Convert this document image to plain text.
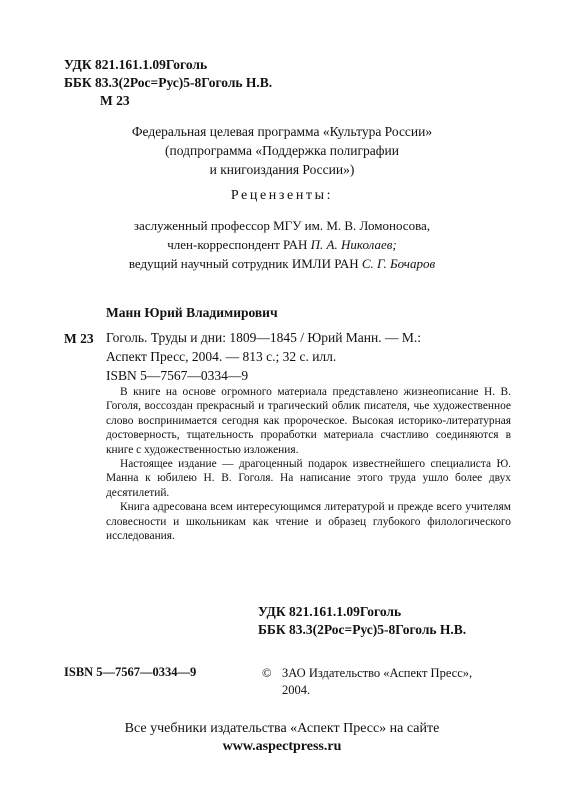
УДК 821.161.1.09Гоголь
ББК 83.3(2Рос=Рус)5-8Гоголь Н.В.
М 23
Федеральная целевая программа «Культура России»
(подпрограмма «Поддержка полиграфии
и книгоиздания России»)
Рецензенты:
заслуженный профессор МГУ им. М. В. Ломоносова,
член-корреспондент РАН П. А. Николаев;
ведущий научный сотрудник ИМЛИ РАН С. Г. Бочаров
Манн Юрий Владимирович
М 23 Гоголь. Труды и дни: 1809—1845 / Юрий Манн. — М.:
Аспект Пресс, 2004. — 813 с.; 32 с. илл.
ISBN 5—7567—0334—9

В книге на основе огромного материала представлено жизнеописание Н. В. Гоголя, воссоздан прекрасный и трагический облик писателя, чье художественное слово воспринимается сегодня как пророческое. Высокая историко-литературная достоверность, тщательность проработки материала счастливо соединяются в книге с художественностью изложения.

Настоящее издание — драгоценный подарок известнейшего специалиста Ю. Манна к юбилею Н. В. Гоголя. На написание этого труда ушло более двух десятилетий.

Книга адресована всем интересующимся литературой и прежде всего учителям словесности и школьникам как чтение и образец глубокого филологического исследования.

УДК 821.161.1.09Гоголь
ББК 83.3(2Рос=Рус)5-8Гоголь Н.В.
ISBN 5—7567—0334—9	© ЗАО Издательство «Аспект Пресс»,
2004.
Все учебники издательства «Аспект Пресс» на сайте
www.aspectpress.ru
